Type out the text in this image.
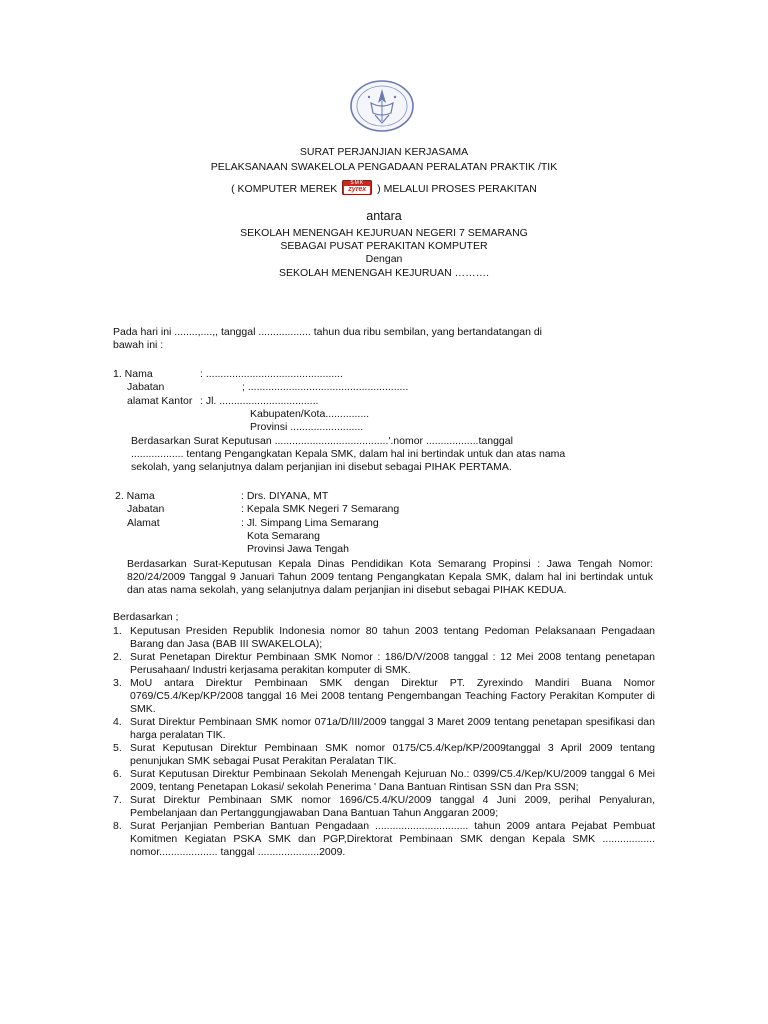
SURAT PERJANJIAN KERJASAMA
PELAKSANAAN SWAKELOLA PENGADAAN PERALATAN PRAKTIK /TIK
( KOMPUTER MEREK	SMK
zyrex	) MELALUI PROSES PERAKITAN
antara
SEKOLAH MENENGAH KEJURUAN NEGERI 7 SEMARANG
SEBAGAI PUSAT PERAKITAN KOMPUTER
Dengan
SEKOLAH MENENGAH KEJURUAN ……….
Pada hari ini ........,....,, tanggal .................. tahun dua ribu sembilan, yang bertandatangan di
bawah ini :
1. Nama	: ...............................................
Jabatan	; .......................................................
alamat Kantor : Jl. ..................................
Kabupaten/Kota...............
Provinsi .........................
Berdasarkan Surat Keputusan .......................................'.nomor ..................tanggal
.................. tentang Pengangkatan Kepala SMK, dalam hal ini bertindak untuk dan atas nama
sekolah, yang selanjutnya dalam perjanjian ini disebut sebagai PIHAK PERTAMA.
2. Nama	: Drs. DIYANA, MT
Jabatan	: Kepala SMK Negeri 7 Semarang
Alamat	: Jl. Simpang Lima Semarang
Kota Semarang
Provinsi Jawa Tengah
Berdasarkan Surat-Keputusan Kepala Dinas Pendidikan Kota Semarang Propinsi : Jawa Tengah Nomor: 820/24/2009 Tanggal 9 Januari Tahun 2009 tentang Pengangkatan Kepala SMK, dalam hal ini bertindak untuk dan atas nama sekolah, yang selanjutnya dalam perjanjian ini disebut sebagai PIHAK KEDUA.
Berdasarkan ;
1. Keputusan Presiden Republik Indonesia nomor 80 tahun 2003 tentang Pedoman Pelaksanaan Pengadaan Barang dan Jasa (BAB III SWAKELOLA);
2. Surat Penetapan Direktur Pembinaan SMK Nomor : 186/D/V/2008 tanggal : 12 Mei 2008 tentang penetapan Perusahaan/ Industri kerjasama perakitan komputer di SMK.
3. MoU antara Direktur Pembinaan SMK dengan Direktur PT. Zyrexindo Mandiri Buana Nomor 0769/C5.4/Kep/KP/2008 tanggal 16 Mei 2008 tentang Pengembangan Teaching Factory Perakitan Komputer di SMK.
4. Surat Direktur Pembinaan SMK nomor 071a/D/III/2009 tanggal 3 Maret 2009 tentang penetapan spesifikasi dan harga peralatan TIK.
5. Surat Keputusan Direktur Pembinaan SMK nomor 0175/C5.4/Kep/KP/2009tanggal 3 April 2009 tentang penunjukan SMK sebagai Pusat Perakitan Peralatan TIK.
6. Surat Keputusan Direktur Pembinaan Sekolah Menengah Kejuruan No.: 0399/C5.4/Kep/KU/2009 tanggal 6 Mei 2009, tentang Penetapan Lokasi/ sekolah Penerima ' Dana Bantuan Rintisan SSN dan Pra SSN;
7. Surat Direktur Pembinaan SMK nomor 1696/C5.4/KU/2009 tanggal 4 Juni 2009, perihal Penyaluran, Pembelanjaan dan Pertanggungjawaban Dana Bantuan Tahun Anggaran 2009;
8. Surat Perjanjian Pemberian Bantuan Pengadaan ................................ tahun 2009 antara Pejabat Pembuat Komitmen Kegiatan PSKA SMK dan PGP,Direktorat Pembinaan SMK dengan Kepala SMK .................. nomor.................... tanggal .....................2009.
